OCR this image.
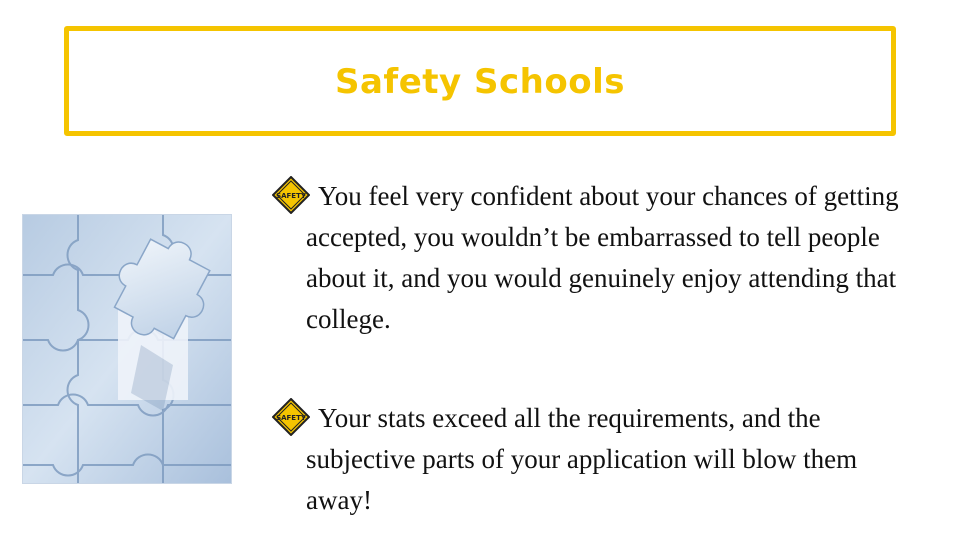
Safety Schools
SAFETY You feel very confident about your chances of getting accepted, you wouldn’t be embarrassed to tell people about it, and you would genuinely enjoy attending that college.
SAFETY Your stats exceed all the requirements, and the subjective parts of your application will blow them away!
